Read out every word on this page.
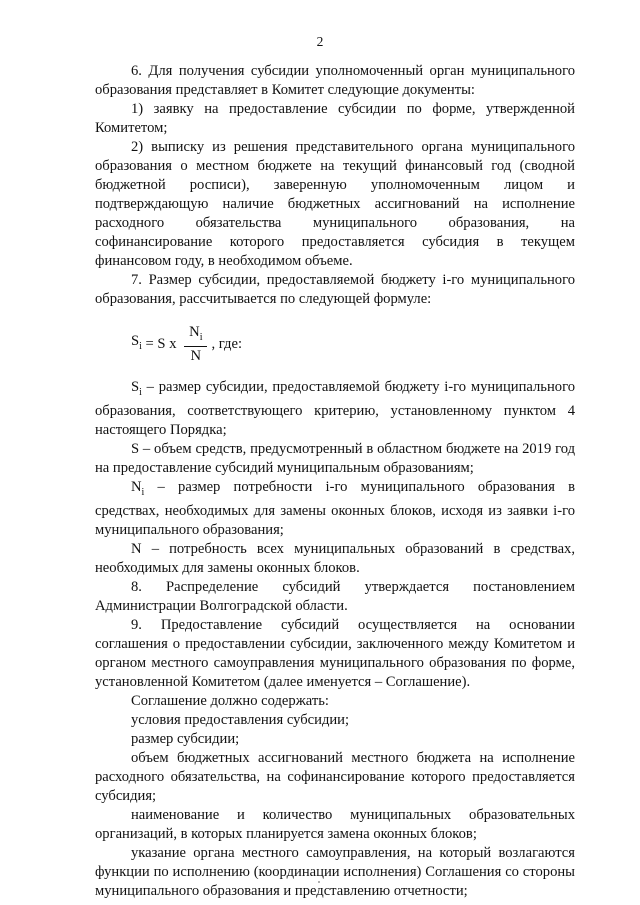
2

6. Для получения субсидии уполномоченный орган муниципального образования представляет в Комитет следующие документы:

1) заявку на предоставление субсидии по форме, утвержденной Комитетом;

2) выписку из решения представительного органа муниципального образования о местном бюджете на текущий финансовый год (сводной бюджетной росписи), заверенную уполномоченным лицом и подтверждающую наличие бюджетных ассигнований на исполнение расходного обязательства муниципального образования, на софинансирование которого предоставляется субсидия в текущем финансовом году, в необходимом объеме.

7. Размер субсидии, предоставляемой бюджету i-го муниципального образования, рассчитывается по следующей формуле:

$S_i = S$ x $\frac{N_i}{N}$ , где:

$S_i$ – размер субсидии, предоставляемой бюджету i-го муниципального образования, соответствующего критерию, установленному пунктом 4 настоящего Порядка;

S – объем средств, предусмотренный в областном бюджете на 2019 год на предоставление субсидий муниципальным образованиям;

$N_i$ – размер потребности i-го муниципального образования в средствах, необходимых для замены оконных блоков, исходя из заявки i-го муниципального образования;

N – потребность всех муниципальных образований в средствах, необходимых для замены оконных блоков.

8. Распределение субсидий утверждается постановлением Администрации Волгоградской области.

9. Предоставление субсидий осуществляется на основании соглашения о предоставлении субсидии, заключенного между Комитетом и органом местного самоуправления муниципального образования по форме, установленной Комитетом (далее именуется – Соглашение).

Соглашение должно содержать:

условия предоставления субсидии;

размер субсидии;

объем бюджетных ассигнований местного бюджета на исполнение расходного обязательства, на софинансирование которого предоставляется субсидия;

наименование и количество муниципальных образовательных организаций, в которых планируется замена оконных блоков;

указание органа местного самоуправления, на который возлагаются функции по исполнению (координации исполнения) Соглашения со стороны муниципального образования и представлению отчетности;
